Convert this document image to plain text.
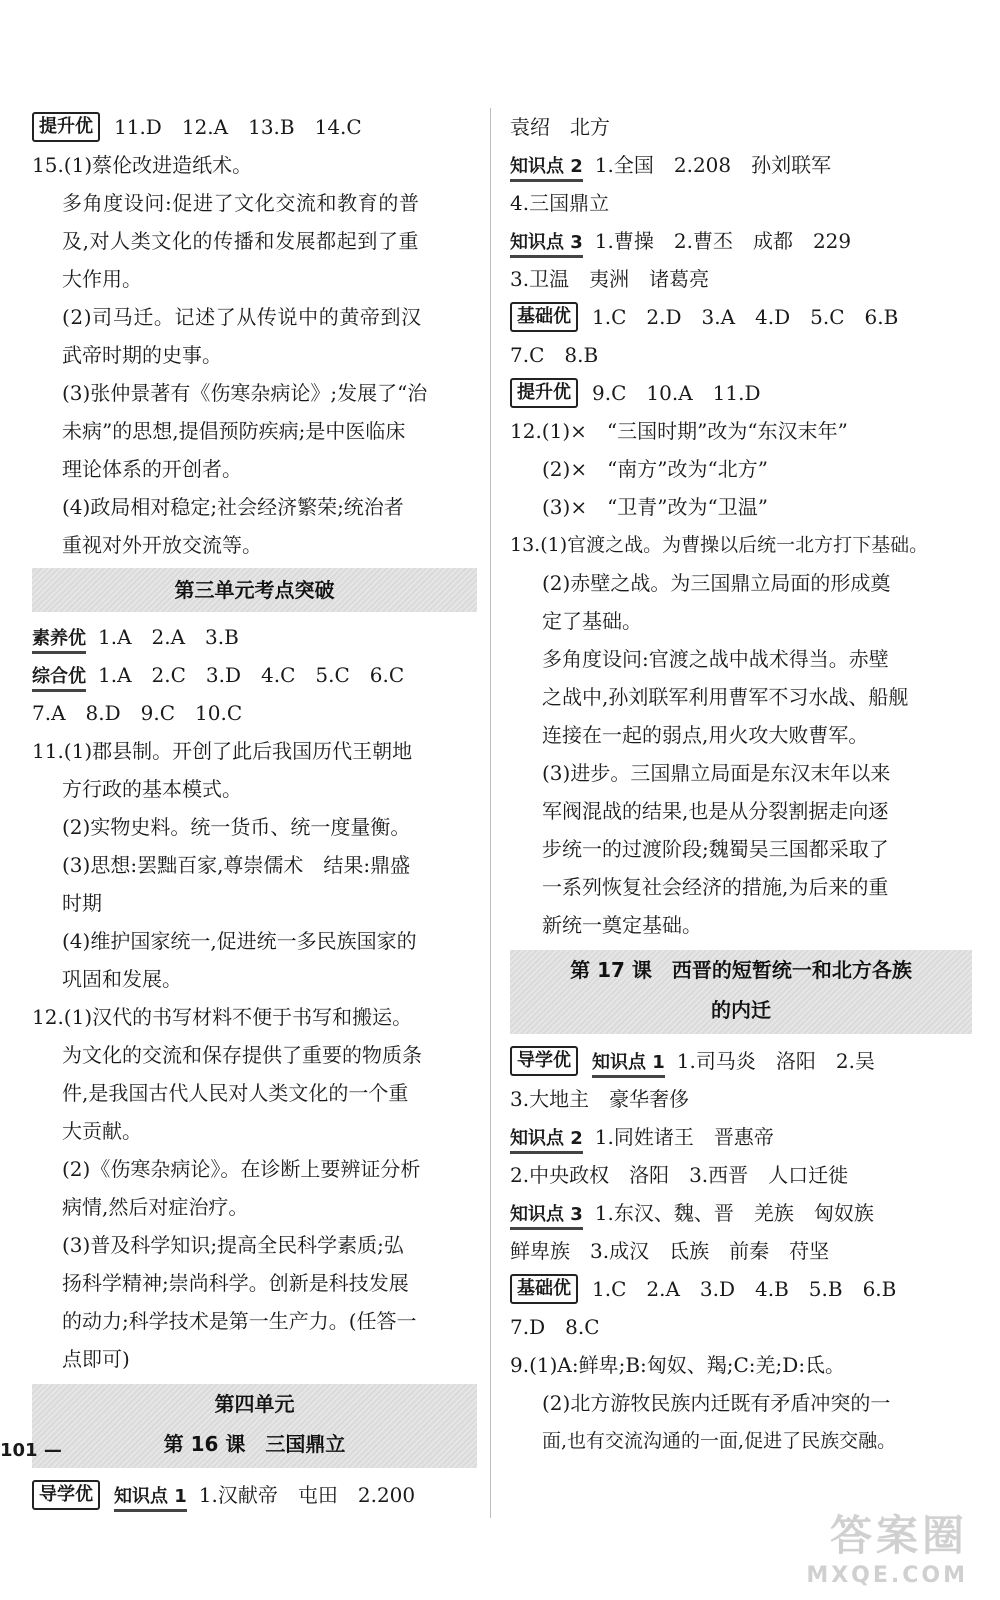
提升优 11.D　12.A　13.B　14.C
15.(1)蔡伦改进造纸术。
多角度设问:促进了文化交流和教育的普
及,对人类文化的传播和发展都起到了重
大作用。
(2)司马迁。记述了从传说中的黄帝到汉
武帝时期的史事。
(3)张仲景著有《伤寒杂病论》;发展了“治
未病”的思想,提倡预防疾病;是中医临床
理论体系的开创者。
(4)政局相对稳定;社会经济繁荣;统治者
重视对外开放交流等。
第三单元考点突破
素养优 1.A　2.A　3.B
综合优 1.A　2.C　3.D　4.C　5.C　6.C
7.A　8.D　9.C　10.C
11.(1)郡县制。开创了此后我国历代王朝地
方行政的基本模式。
(2)实物史料。统一货币、统一度量衡。
(3)思想:罢黜百家,尊崇儒术　结果:鼎盛
时期
(4)维护国家统一,促进统一多民族国家的
巩固和发展。
12.(1)汉代的书写材料不便于书写和搬运。
为文化的交流和保存提供了重要的物质条
件,是我国古代人民对人类文化的一个重
大贡献。
(2)《伤寒杂病论》。在诊断上要辨证分析
病情,然后对症治疗。
(3)普及科学知识;提高全民科学素质;弘
扬科学精神;崇尚科学。创新是科技发展
的动力;科学技术是第一生产力。(任答一
点即可)
第四单元
第 16 课　三国鼎立
导学优 知识点 1 1.汉献帝　屯田　2.200
袁绍　北方
知识点 2 1.全国　2.208　孙刘联军
4.三国鼎立
知识点 3 1.曹操　2.曹丕　成都　229
3.卫温　夷洲　诸葛亮
基础优 1.C　2.D　3.A　4.D　5.C　6.B
7.C　8.B
提升优 9.C　10.A　11.D
12.(1)×　“三国时期”改为“东汉末年”
(2)×　“南方”改为“北方”
(3)×　“卫青”改为“卫温”
13.(1)官渡之战。为曹操以后统一北方打下基础。
(2)赤壁之战。为三国鼎立局面的形成奠
定了基础。
多角度设问:官渡之战中战术得当。赤壁
之战中,孙刘联军利用曹军不习水战、船舰
连接在一起的弱点,用火攻大败曹军。
(3)进步。三国鼎立局面是东汉末年以来
军阀混战的结果,也是从分裂割据走向逐
步统一的过渡阶段;魏蜀吴三国都采取了
一系列恢复社会经济的措施,为后来的重
新统一奠定基础。
第 17 课　西晋的短暂统一和北方各族
的内迁
导学优 知识点 1 1.司马炎　洛阳　2.吴
3.大地主　豪华奢侈
知识点 2 1.同姓诸王　晋惠帝
2.中央政权　洛阳　3.西晋　人口迁徙
知识点 3 1.东汉、魏、晋　羌族　匈奴族
鲜卑族　3.成汉　氐族　前秦　苻坚
基础优 1.C　2.A　3.D　4.B　5.B　6.B
7.D　8.C
9.(1)A:鲜卑;B:匈奴、羯;C:羌;D:氐。
(2)北方游牧民族内迁既有矛盾冲突的一
面,也有交流沟通的一面,促进了民族交融。
101 —
答案圈
MXQE.COM
